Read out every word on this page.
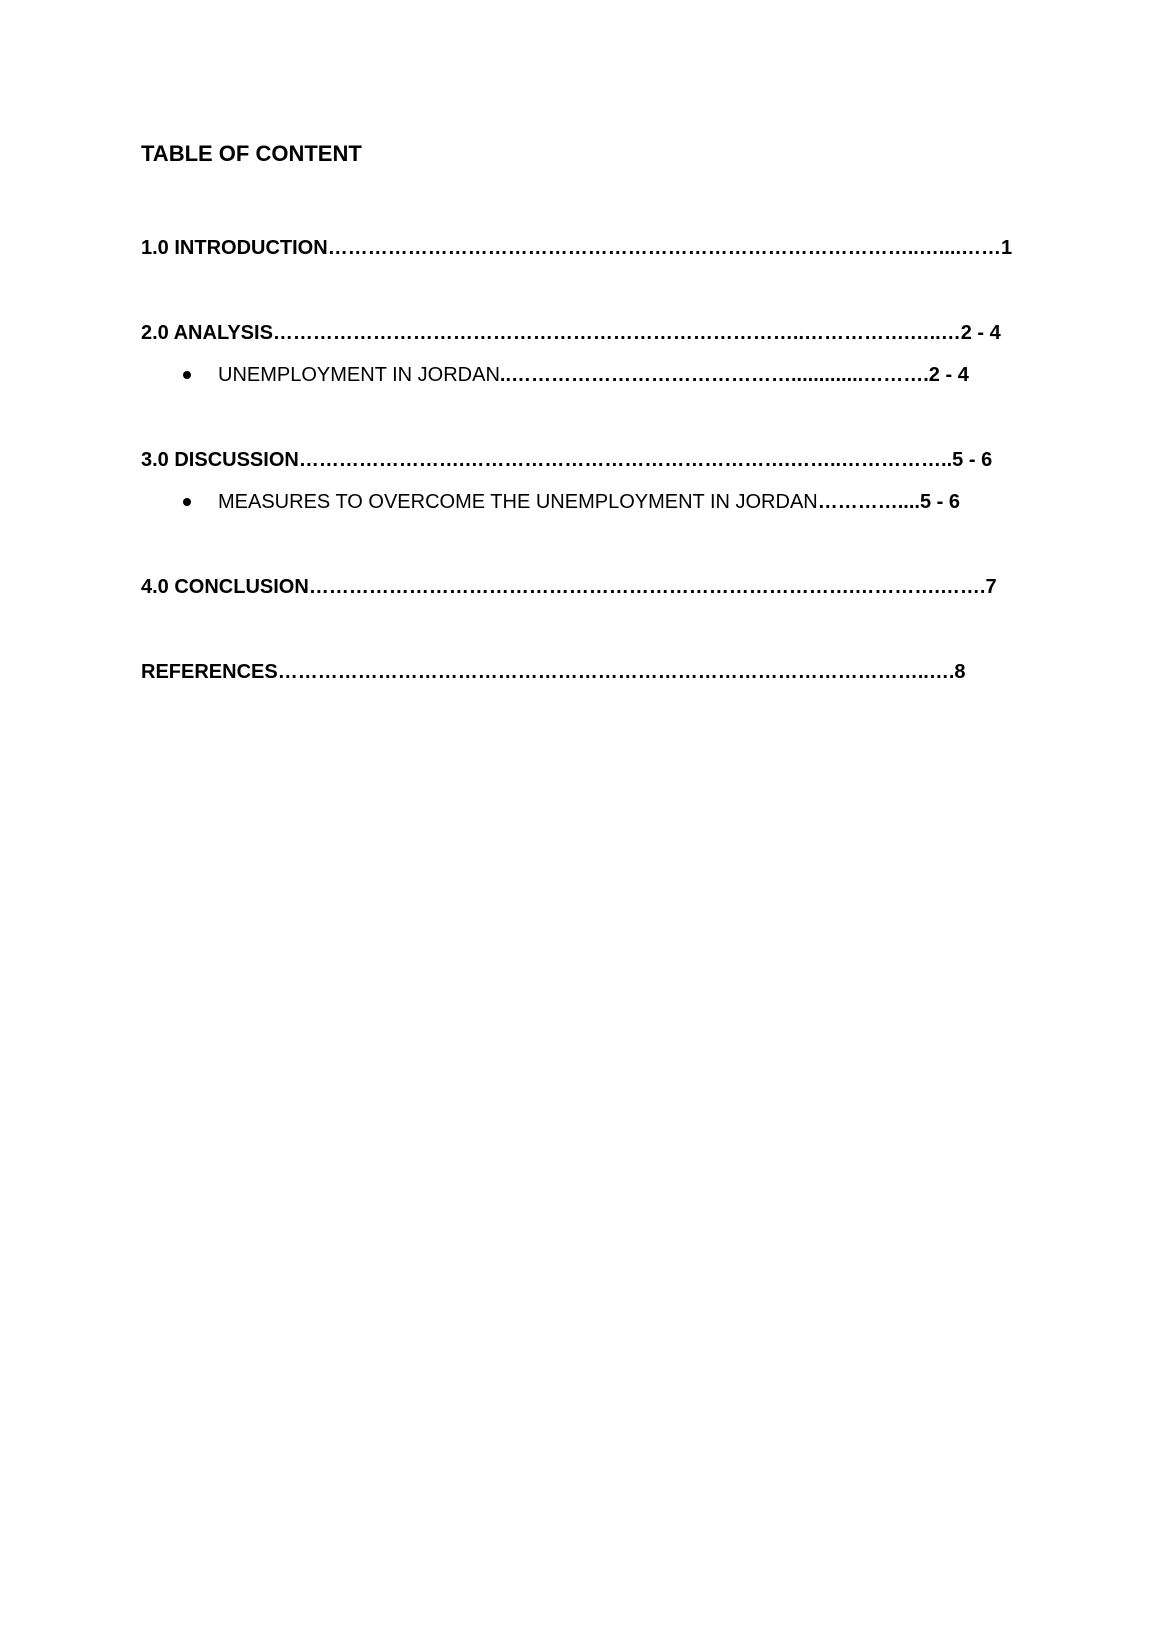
TABLE OF CONTENT

1.0 INTRODUCTION……………………………………………………………………………..…....……1

2.0 ANALYSIS……………………………………………………………………..…………….…..…2 - 4

UNEMPLOYMENT IN JORDAN..…………………………………….............……….2 - 4

3.0 DISCUSSION…………………….………………………………………….……..……………..5 - 6

MEASURES TO OVERCOME THE UNEMPLOYMENT IN JORDAN…………....5 - 6

4.0 CONCLUSION……………………………………………………………………….………….…….7

REFERENCES……………………………………………………………………………………..….8
